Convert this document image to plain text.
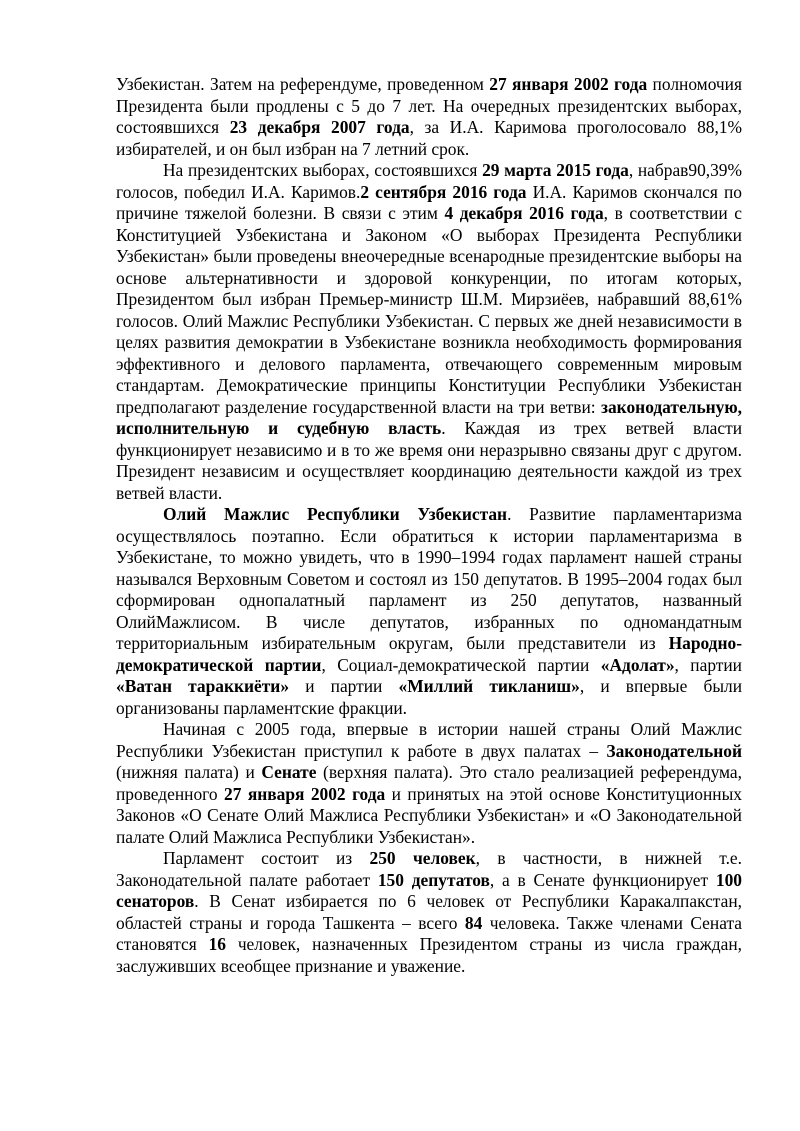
Узбекистан. Затем на референдуме, проведенном 27 января 2002 года полномочия Президента были продлены с 5 до 7 лет. На очередных президентских выборах, состоявшихся 23 декабря 2007 года, за И.А. Каримова проголосовало 88,1% избирателей, и он был избран на 7 летний срок.

На президентских выборах, состоявшихся 29 марта 2015 года, набрав90,39% голосов, победил И.А. Каримов.2 сентября 2016 года И.А. Каримов скончался по причине тяжелой болезни. В связи с этим 4 декабря 2016 года, в соответствии с Конституцией Узбекистана и Законом «О выборах Президента Республики Узбекистан» были проведены внеочередные всенародные президентские выборы на основе альтернативности и здоровой конкуренции, по итогам которых, Президентом был избран Премьер-министр Ш.М. Мирзиёев, набравший 88,61% голосов. Олий Мажлис Республики Узбекистан. С первых же дней независимости в целях развития демократии в Узбекистане возникла необходимость формирования эффективного и делового парламента, отвечающего современным мировым стандартам. Демократические принципы Конституции Республики Узбекистан предполагают разделение государственной власти на три ветви: законодательную, исполнительную и судебную власть. Каждая из трех ветвей власти функционирует независимо и в то же время они неразрывно связаны друг с другом. Президент независим и осуществляет координацию деятельности каждой из трех ветвей власти.

Олий Мажлис Республики Узбекистан. Развитие парламентаризма осуществлялось поэтапно. Если обратиться к истории парламентаризма в Узбекистане, то можно увидеть, что в 1990–1994 годах парламент нашей страны назывался Верховным Советом и состоял из 150 депутатов. В 1995–2004 годах был сформирован однопалатный парламент из 250 депутатов, названный ОлийМажлисом. В числе депутатов, избранных по одномандатным территориальным избирательным округам, были представители из Народно-демократической партии, Социал-демократической партии «Адолат», партии «Ватан тараккиёти» и партии «Миллий тикланиш», и впервые были организованы парламентские фракции.

Начиная с 2005 года, впервые в истории нашей страны Олий Мажлис Республики Узбекистан приступил к работе в двух палатах – Законодательной (нижняя палата) и Сенате (верхняя палата). Это стало реализацией референдума, проведенного 27 января 2002 года и принятых на этой основе Конституционных Законов «О Сенате Олий Мажлиса Республики Узбекистан» и «О Законодательной палате Олий Мажлиса Республики Узбекистан».

Парламент состоит из 250 человек, в частности, в нижней т.е. Законодательной палате работает 150 депутатов, а в Сенате функционирует 100 сенаторов. В Сенат избирается по 6 человек от Республики Каракалпакстан, областей страны и города Ташкента – всего 84 человека. Также членами Сената становятся 16 человек, назначенных Президентом страны из числа граждан, заслуживших всеобщее признание и уважение.
